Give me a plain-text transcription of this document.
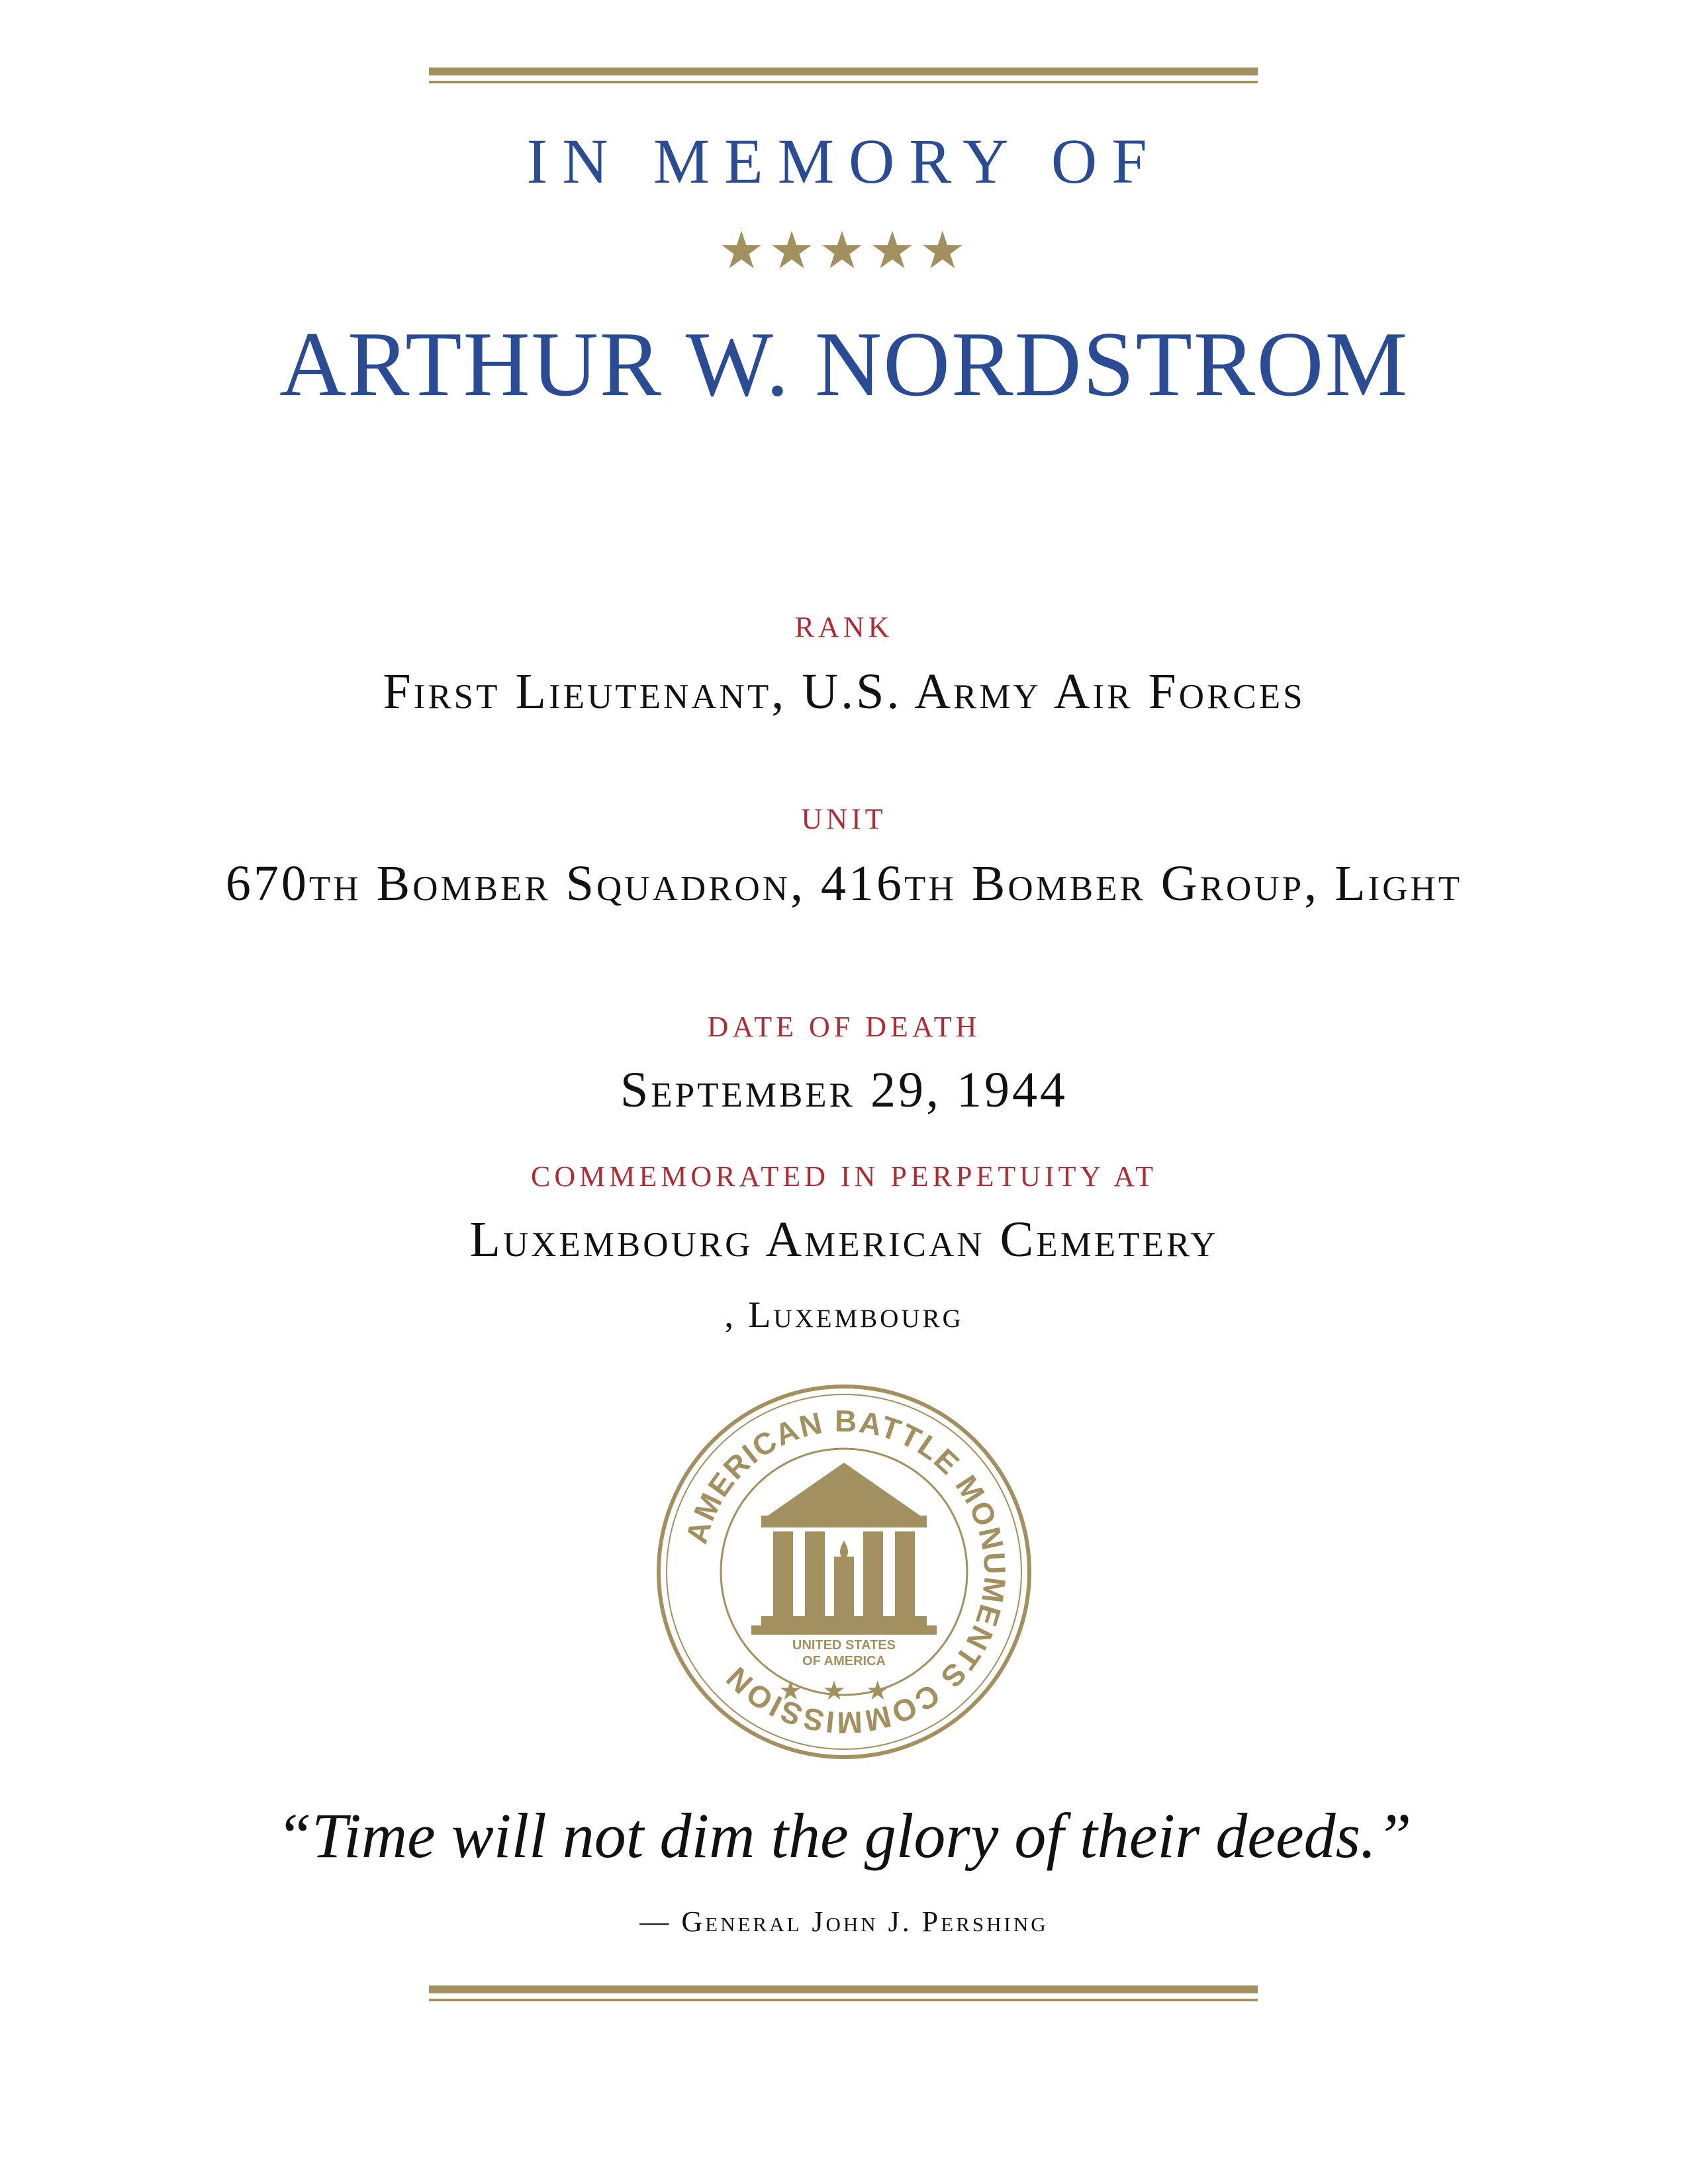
IN MEMORY OF
★★★★★
ARTHUR W. NORDSTROM
RANK
First Lieutenant, U.S. Army Air Forces
UNIT
670th Bomber Squadron, 416th Bomber Group, Light
DATE OF DEATH
September 29, 1944
COMMEMORATED IN PERPETUITY AT
Luxembourg American Cemetery
, Luxembourg
AMERICAN BATTLE MONUMENTS COMMISSION
UNITED STATES
OF AMERICA
★★★
“Time will not dim the glory of their deeds.”
— General John J. Pershing
